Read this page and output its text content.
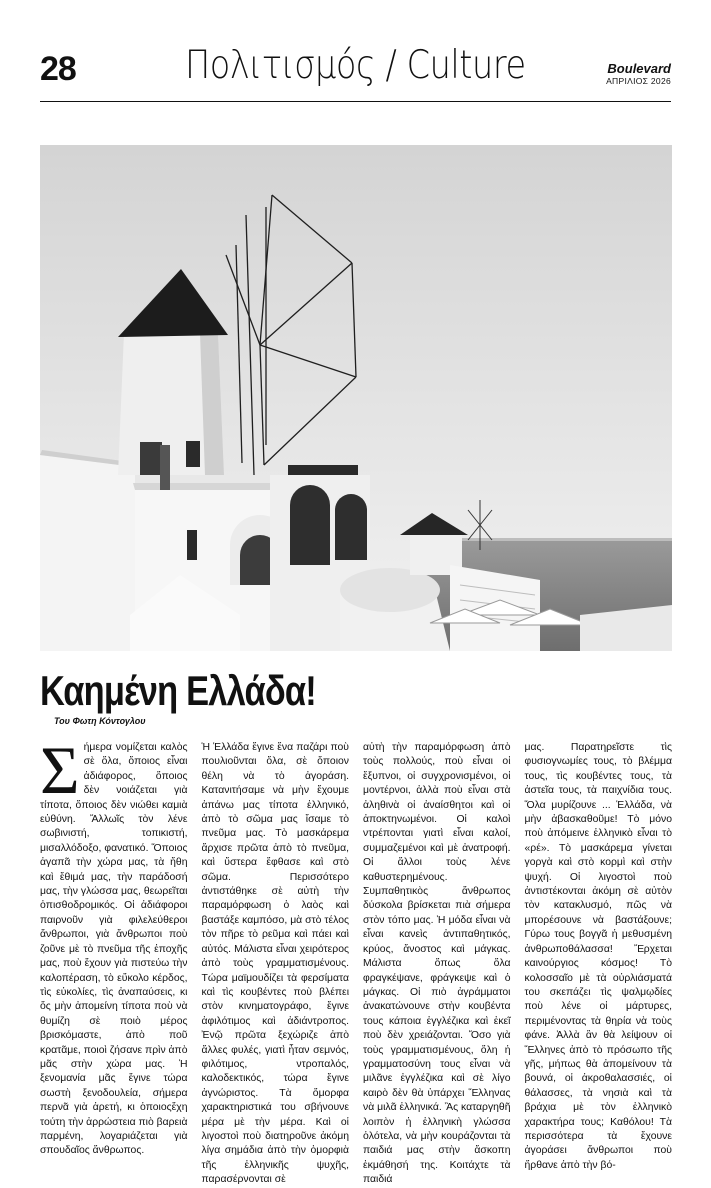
28	Πολιτισμός / Culture	Boulevard
ΑΠΡΙΛΙΟΣ 2026
Καημένη Ελλάδα!
Του Φωτη Κόντογλου
Σήμερα νομίζεται καλὸς σὲ ὅλα, ὅποιος εἶναι ἀδιάφορος, ὅποιος δὲν νοιάζεται γιὰ τίποτα, ὅποιος δὲν νιώθει καμιὰ εὐθύνη. Ἄλλωῖς τὸν λένε σωβινιστή, τοπικιστή, μισαλλόδοξο, φανατικό. Ὅποιος ἀγαπᾶ τὴν χώρα μας, τὰ ἤθη καὶ ἔθιμά μας, τὴν παράδοσή μας, τὴν γλώσσα μας, θεωρεῖται ὀπισθοδρομικός. Οἱ ἀδιάφοροι παιρνοῦν γιὰ φιλελεύθεροι ἄνθρωποι, γιὰ ἄνθρωποι ποὺ ζοῦνε μὲ τὸ πνεῦμα τῆς ἐποχῆς μας, ποὺ ἔχουν γιὰ πιστεύω τὴν καλοπέραση, τὸ εὔκολο κέρδος, τὶς εὐκολίες, τὶς ἀναπαύσεις, κι ὅς μὴν ἀπομείνη τίποτα ποὺ νὰ θυμίζη σὲ ποιὸ μέρος βρισκόμαστε, ἀπὸ ποῦ κρατᾶμε, ποιοὶ ζήσανε πρὶν ἀπὸ μᾶς στὴν χώρα μας. Ἡ ξενομανία μᾶς ἔγινε τώρα σωστὴ ξενοδουλεία, σήμερα περνᾶ γιὰ ἀρετή, κι ὁποιοςἔχη τούτη τὴν ἀρρώστεια πιὸ βαρειὰ παρμένη, λογαριάζεται γιὰ σπουδαῖος ἄνθρωπος.
Ἡ Ἑλλάδα ἔγινε ἕνα παζάρι ποὺ πουλιοῦνται ὅλα, σὲ ὅποιον θέλη νὰ τὸ ἀγοράση. Κατανιτήσαμε νὰ μὴν ἔχουμε ἀπάνω μας τίποτα ἑλληνικό, ἀπὸ τὸ σῶμα μας ἴσαμε τὸ πνεῦμα μας. Τὸ μασκάρεμα ἄρχισε πρῶτα ἀπὸ τὸ πνεῦμα, καὶ ὕστερα ἔφθασε καὶ στὸ σῶμα. Περισσότερο ἀντιστάθηκε σὲ αὐτὴ τὴν παραμόρφωση ὁ λαὸς καὶ βαστάξε καμπόσο, μὰ στὸ τέλος τὸν πῆρε τὸ ρεῦμα καὶ πάει καὶ αὐτός. Μάλιστα εἶναι χειρότερος ἀπὸ τοὺς γραμματισμένους. Τώρα μαϊμουδίζει τὰ φερσίματα καὶ τὶς κουβέντες ποὺ βλέπει στὸν κινηματογράφο, ἔγινε ἀφιλότιμος καὶ ἀδιάντροπος. Ἐνῷ πρῶτα ξεχώριζε ἀπὸ ἄλλες φυλές, γιατὶ ἦταν σεμνός, φιλότιμος, ντροπαλός, καλοδεκτικός, τώρα ἔγινε ἀγνώριστος. Τὰ ὄμορφα χαρακτηριστικά του σβήνουνε μέρα μὲ τὴν μέρα. Καὶ οἱ λιγοστοὶ ποὺ διατηροῦνε ἀκόμη λίγα σημάδια ἀπὸ τὴν ὀμορφιὰ τῆς ἑλληνικῆς ψυχῆς, παρασέρνονται σὲ
αὐτὴ τὴν παραμόρφωση ἀπὸ τοὺς πολλούς, ποὺ εἶναι οἱ ἔξυπνοι, οἱ συγχρονισμένοι, οἱ μοντέρνοι, ἀλλὰ ποὺ εἶναι στὰ ἀληθινὰ οἱ ἀναίσθητοι καὶ οἱ ἀποκτηνωμένοι. Οἱ καλοὶ ντρέπονται γιατὶ εἶναι καλοί, συμμαζεμένοι καὶ μὲ ἀνατροφή. Οἱ ἄλλοι τοὺς λένε καθυστερημένους. Συμπαθητικὸς ἄνθρωπος δύσκολα βρίσκεται πιὰ σήμερα στὸν τόπο μας. Ἡ μόδα εἶναι νὰ εἶναι κανεὶς ἀντιπαθητικός, κρύος, ἄνοστος καὶ μάγκας. Μάλιστα ὅπως ὅλα φραγκέψανε, φράγκεψε καὶ ὁ μάγκας. Οἱ πιὸ ἀγράμματοι ἀνακατώνουνε στὴν κουβέντα τους κάποια ἐγγλέζικα καὶ ἐκεῖ ποὺ δὲν χρειάζονται. Ὅσο γιὰ τοὺς γραμματισμένους, ὅλη ἡ γραμματοσύνη τους εἶναι νὰ μιλᾶνε ἐγγλέζικα καὶ σὲ λίγο καιρὸ δὲν θὰ ὑπάρχει Ἕλληνας νὰ μιλᾶ ἑλληνικά. Ἂς καταργηθῆ λοιπὸν ἡ ἑλληνικὴ γλώσσα ὁλότελα, νὰ μὴν κουράζονται τὰ παιδιά μας στὴν ἄσκοπη ἐκμάθησή της. Κοιτάχτε τὰ παιδιά
μας. Παρατηρεῖστε τὶς φυσιογνωμίες τους, τὸ βλέμμα τους, τὶς κουβέντες τους, τὰ ἀστεῖα τους, τὰ παιχνίδια τους. Ὅλα μυρίζουνε ... Ἑλλάδα, νὰ μὴν ἀβασκαθοῦμε! Τὸ μόνο ποὺ ἀπόμεινε ἑλληνικὸ εἶναι τὸ «ρέ». Τὸ μασκάρεμα γίνεται γοργὰ καὶ στὸ κορμὶ καὶ στὴν ψυχή. Οἱ λιγοστοὶ ποὺ ἀντιστέκονται ἀκόμη σὲ αὐτὸν τὸν κατακλυσμό, πῶς νὰ μπορέσουνε νὰ βαστάξουνε; Γύρω τους βογγᾶ ἡ μεθυσμένη ἀνθρωποθάλασσα! Ἔρχεται καινούργιος κόσμος! Τὸ κολοσσαῖο μὲ τὰ οὐρλιάσματά του σκεπάζει τὶς ψαλμῳδίες ποὺ λένε οἱ μάρτυρες, περιμένοντας τὰ θηρία νὰ τοὺς φάνε. Ἀλλὰ ἂν θὰ λείψουν οἱ Ἕλληνες ἀπὸ τὸ πρόσωπο τῆς γῆς, μήπως θὰ ἀπομείνουν τὰ βουνά, οἱ ἀκροθαλασσιές, οἱ θάλασσες, τὰ νησιὰ καὶ τὰ βράχια μὲ τὸν ἑλληνικὸ χαρακτήρα τους; Καθόλου! Τὰ περισσότερα τὰ ἔχουνε ἀγοράσει ἄνθρωποι ποὺ ἤρθανε ἀπὸ τὴν βό-
